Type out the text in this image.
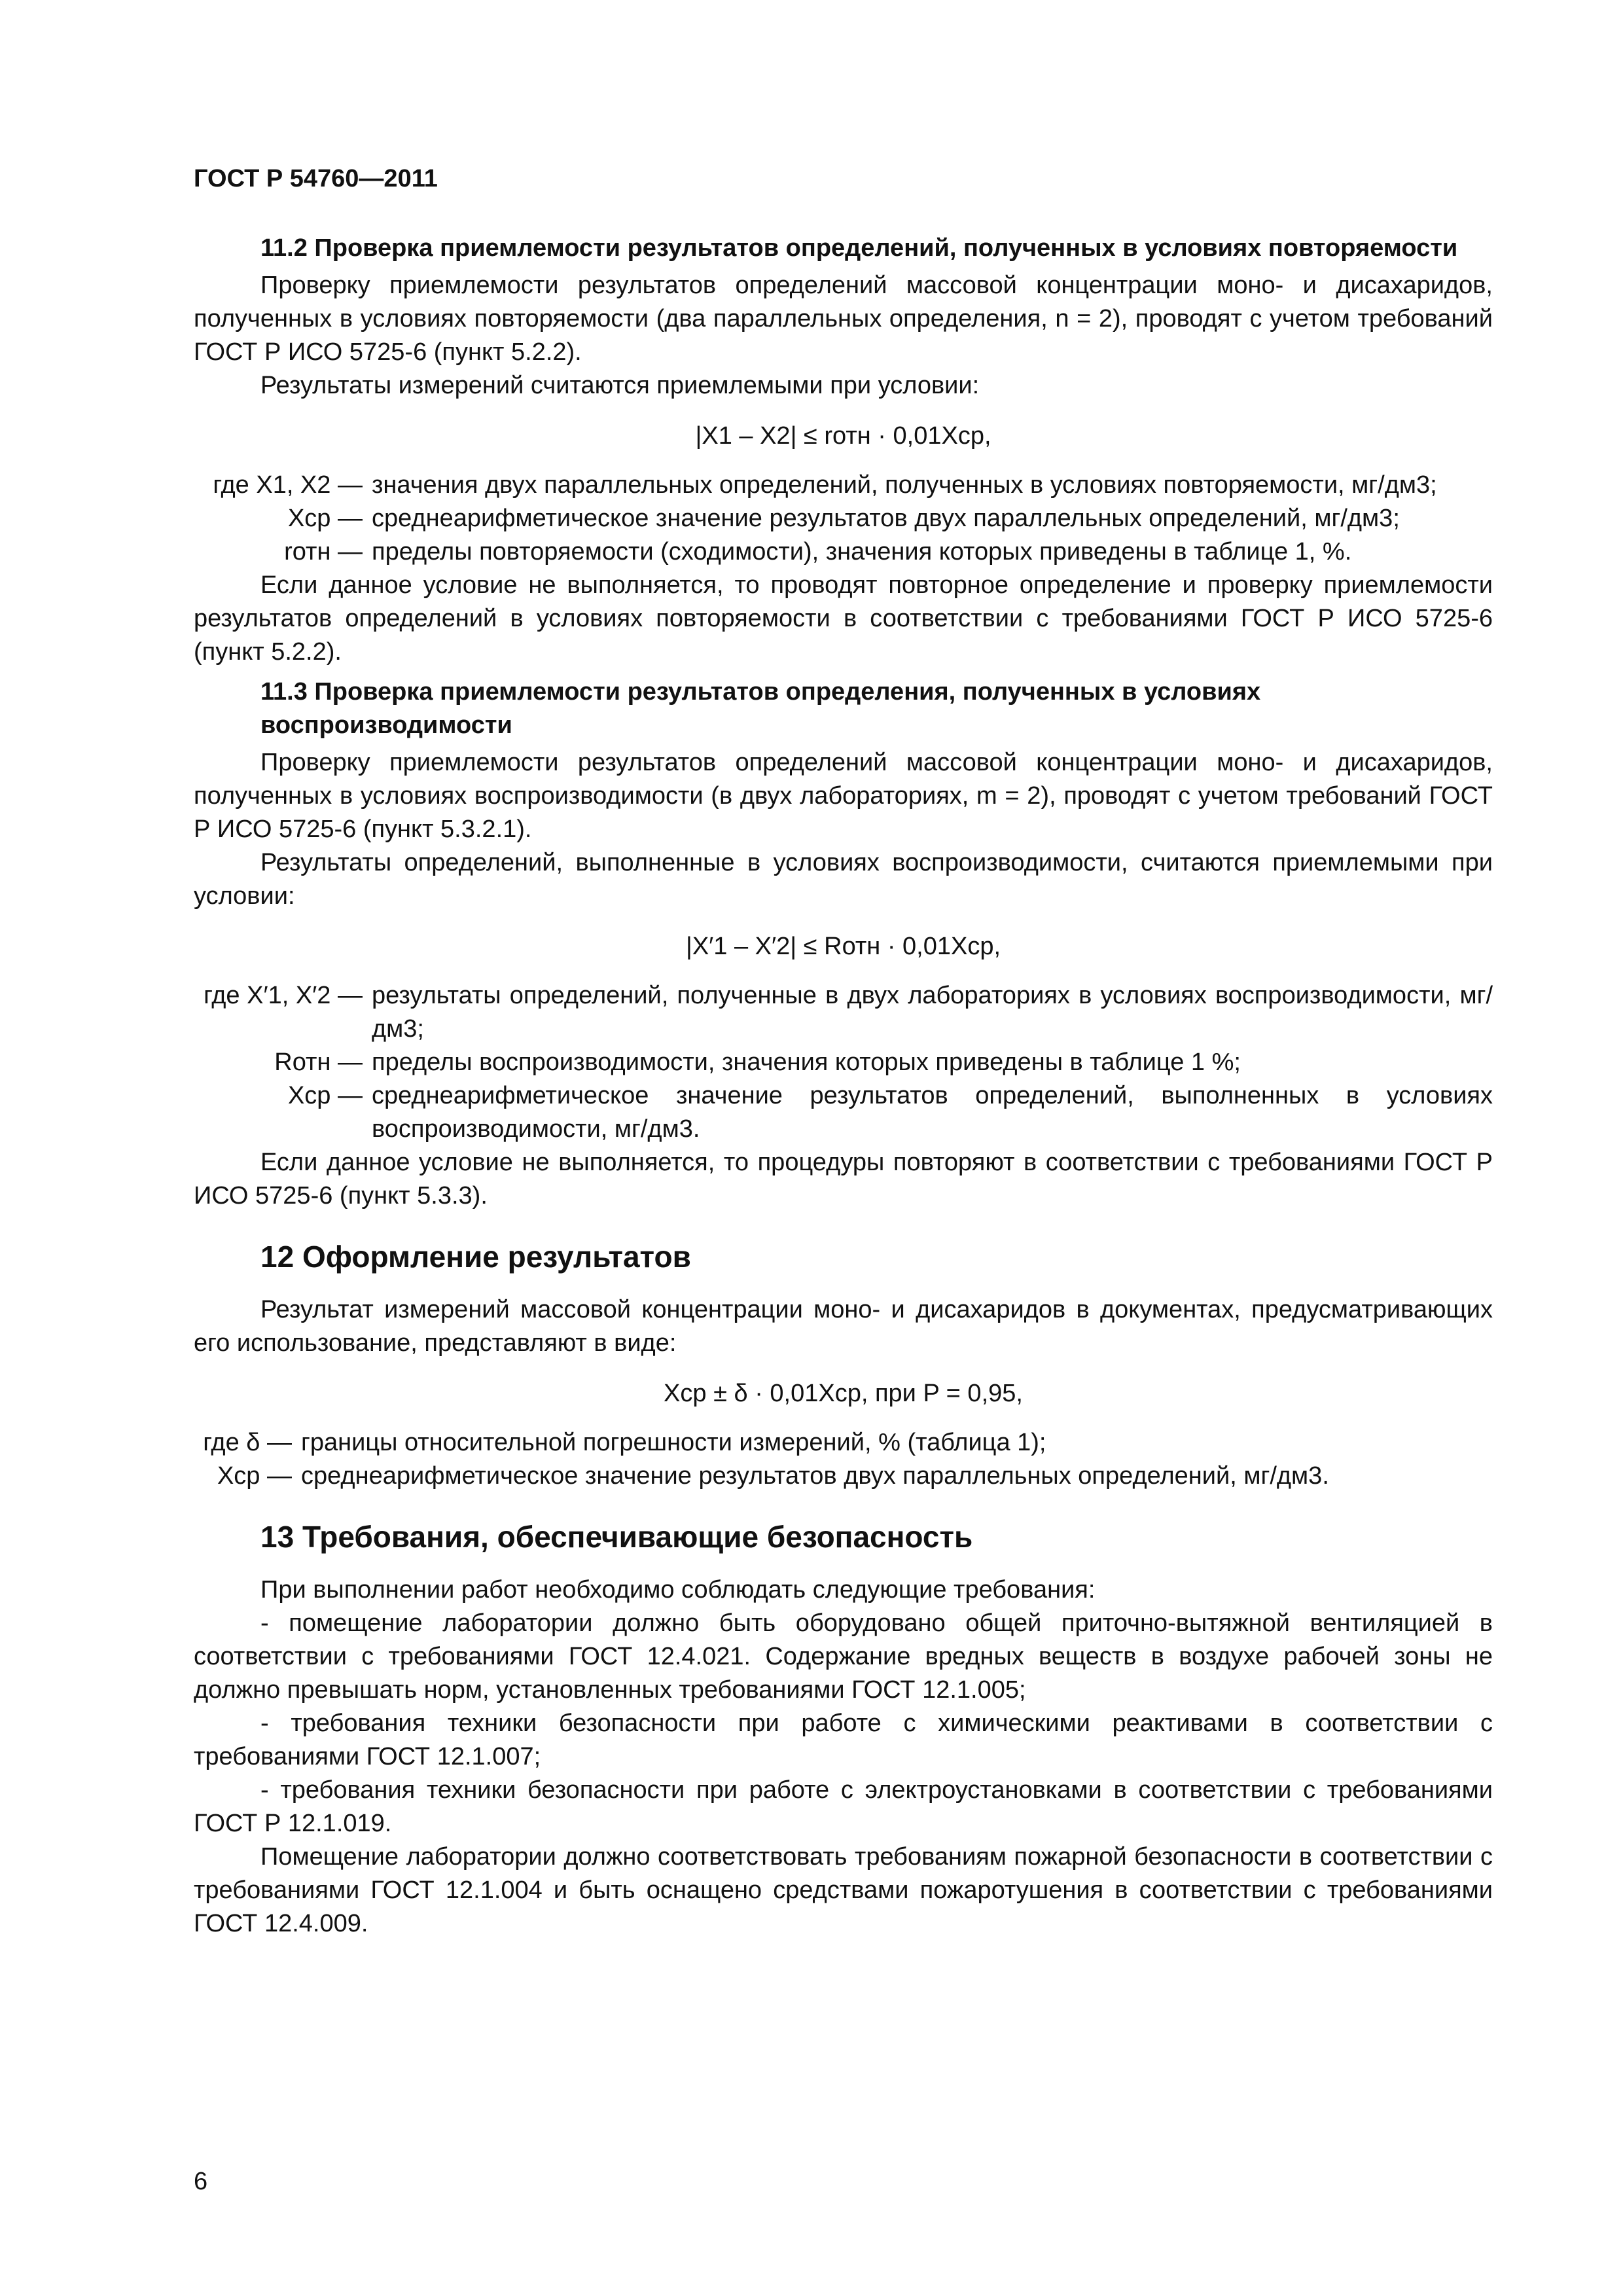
ГОСТ Р 54760—2011
11.2 Проверка приемлемости результатов определений, полученных в условиях повторяемости

Проверку приемлемости результатов определений массовой концентрации моно- и дисахаридов, полученных в условиях повторяемости (два параллельных определения, n = 2), проводят с учетом требований ГОСТ Р ИСО 5725-6 (пункт 5.2.2).

Результаты измерений считаются приемлемыми при условии:

|X1 – X2| ≤ rотн · 0,01Xср,
где X1, X2 — значения двух параллельных определений, полученных в условиях повторяемости, мг/дм3;
Xср — среднеарифметическое значение результатов двух параллельных определений, мг/дм3;
rотн — пределы повторяемости (сходимости), значения которых приведены в таблице 1, %.

Если данное условие не выполняется, то проводят повторное определение и проверку приемлемости результатов определений в условиях повторяемости в соответствии с требованиями ГОСТ Р ИСО 5725-6 (пункт 5.2.2).

11.3 Проверка приемлемости результатов определения, полученных в условиях воспроизводимости

Проверку приемлемости результатов определений массовой концентрации моно- и дисахаридов, полученных в условиях воспроизводимости (в двух лабораториях, m = 2), проводят с учетом требований ГОСТ Р ИСО 5725-6 (пункт 5.3.2.1).

Результаты определений, выполненные в условиях воспроизводимости, считаются приемлемыми при условии:

|X′1 – X′2| ≤ Rотн · 0,01Xср,
где X′1, X′2 — результаты определений, полученные в двух лабораториях в условиях воспроизводимости, мг/дм3;
Rотн — пределы воспроизводимости, значения которых приведены в таблице 1 %;
Xср — среднеарифметическое значение результатов определений, выполненных в условиях воспроизводимости, мг/дм3.

Если данное условие не выполняется, то процедуры повторяют в соответствии с требованиями ГОСТ Р ИСО 5725-6 (пункт 5.3.3).

12 Оформление результатов

Результат измерений массовой концентрации моно- и дисахаридов в документах, предусматривающих его использование, представляют в виде:

Xср ± δ · 0,01Xср, при P = 0,95,
где δ — границы относительной погрешности измерений, % (таблица 1);
Xср — среднеарифметическое значение результатов двух параллельных определений, мг/дм3.
13 Требования, обеспечивающие безопасность

При выполнении работ необходимо соблюдать следующие требования:

- помещение лаборатории должно быть оборудовано общей приточно-вытяжной вентиляцией в соответствии с требованиями ГОСТ 12.4.021. Содержание вредных веществ в воздухе рабочей зоны не должно превышать норм, установленных требованиями ГОСТ 12.1.005;

- требования техники безопасности при работе с химическими реактивами в соответствии с требованиями ГОСТ 12.1.007;

- требования техники безопасности при работе с электроустановками в соответствии с требованиями ГОСТ Р 12.1.019.

Помещение лаборатории должно соответствовать требованиям пожарной безопасности в соответствии с требованиями ГОСТ 12.1.004 и быть оснащено средствами пожаротушения в соответствии с требованиями ГОСТ 12.4.009.

6
